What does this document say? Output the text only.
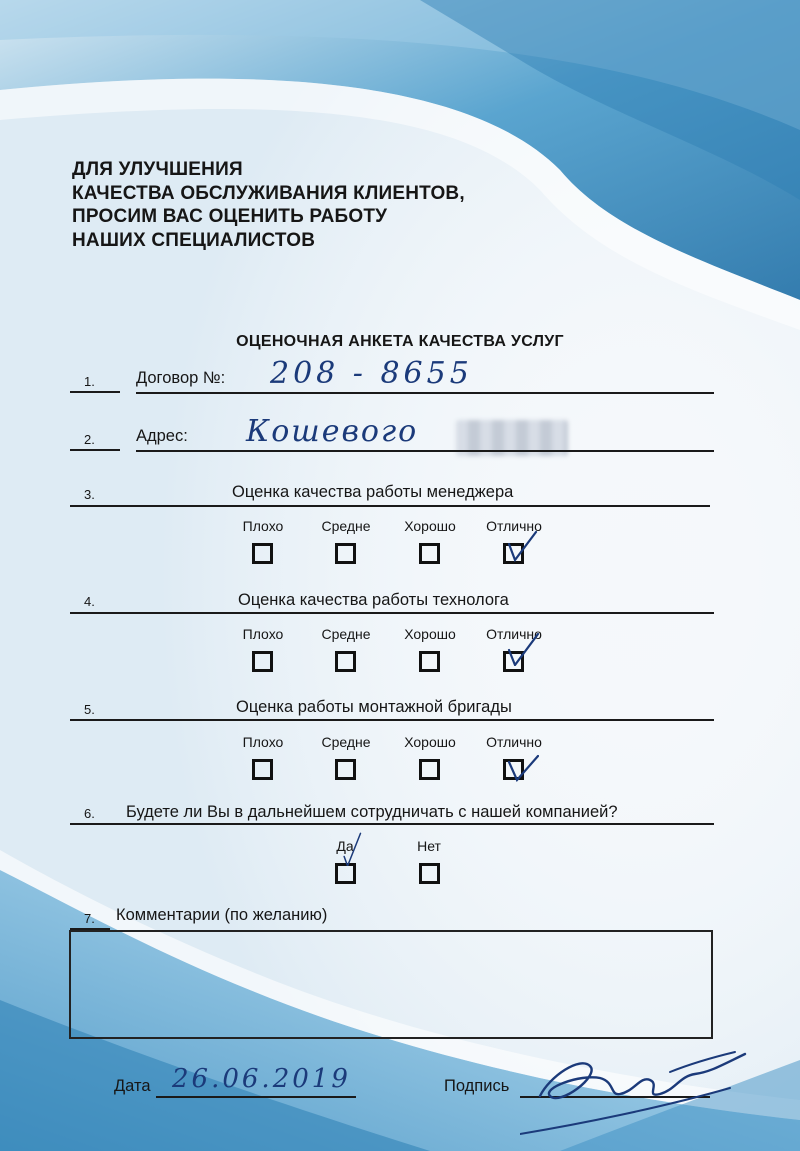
ДЛЯ УЛУЧШЕНИЯ
КАЧЕСТВА ОБСЛУЖИВАНИЯ КЛИЕНТОВ,
ПРОСИМ ВАС ОЦЕНИТЬ РАБОТУ
НАШИХ СПЕЦИАЛИСТОВ
ОЦЕНОЧНАЯ АНКЕТА КАЧЕСТВА УСЛУГ
1. Договор №: 208 - 8655
2. Адрес: Кошевого
3.	Оценка качества работы менеджера
Плохо	Средне	Хорошо	Отлично
4.	Оценка качества работы технолога
Плохо	Средне	Хорошо	Отлично
5.	Оценка работы монтажной бригады
Плохо	Средне	Хорошо	Отлично
6. Будете ли Вы в дальнейшем сотрудничать с нашей компанией?
Да	Нет
7. Комментарии (по желанию)
Дата 26.06.2019	Подпись
